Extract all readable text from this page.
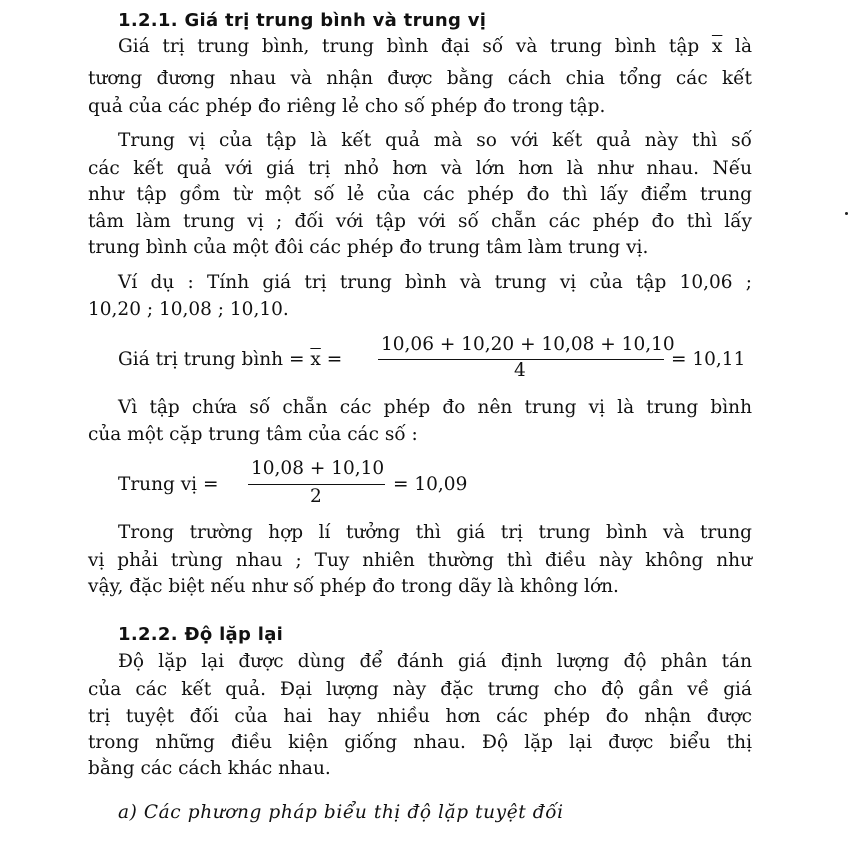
1.2.1. Giá trị trung bình và trung vị
Giá trị trung bình, trung bình đại số và trung bình tập $\overline{x}$ là
tương đương nhau và nhận được bằng cách chia tổng các kết
quả của các phép đo riêng lẻ cho số phép đo trong tập.
Trung vị của tập là kết quả mà so với kết quả này thì số
các kết quả với giá trị nhỏ hơn và lớn hơn là như nhau. Nếu
như tập gồm từ một số lẻ của các phép đo thì lấy điểm trung
tâm làm trung vị ; đối với tập với số chẵn các phép đo thì lấy
trung bình của một đôi các phép đo trung tâm làm trung vị.
Ví dụ : Tính giá trị trung bình và trung vị của tập 10,06 ;
10,20 ; 10,08 ; 10,10.
Giá trị trung bình = $\overline{x}$ =
10,06 + 10,20 + 10,08 + 10,10
4
= 10,11
Vì tập chứa số chẵn các phép đo nên trung vị là trung bình
của một cặp trung tâm của các số :
Trung vị =
10,08 + 10,10
2
= 10,09
Trong trường hợp lí tưởng thì giá trị trung bình và trung
vị phải trùng nhau ; Tuy nhiên thường thì điều này không như
vậy, đặc biệt nếu như số phép đo trong dãy là không lớn.
1.2.2. Độ lặp lại
Độ lặp lại được dùng để đánh giá định lượng độ phân tán
của các kết quả. Đại lượng này đặc trưng cho độ gần về giá
trị tuyệt đối của hai hay nhiều hơn các phép đo nhận được
trong những điều kiện giống nhau. Độ lặp lại được biểu thị
bằng các cách khác nhau.
a) Các phương pháp biểu thị độ lặp tuyệt đối
